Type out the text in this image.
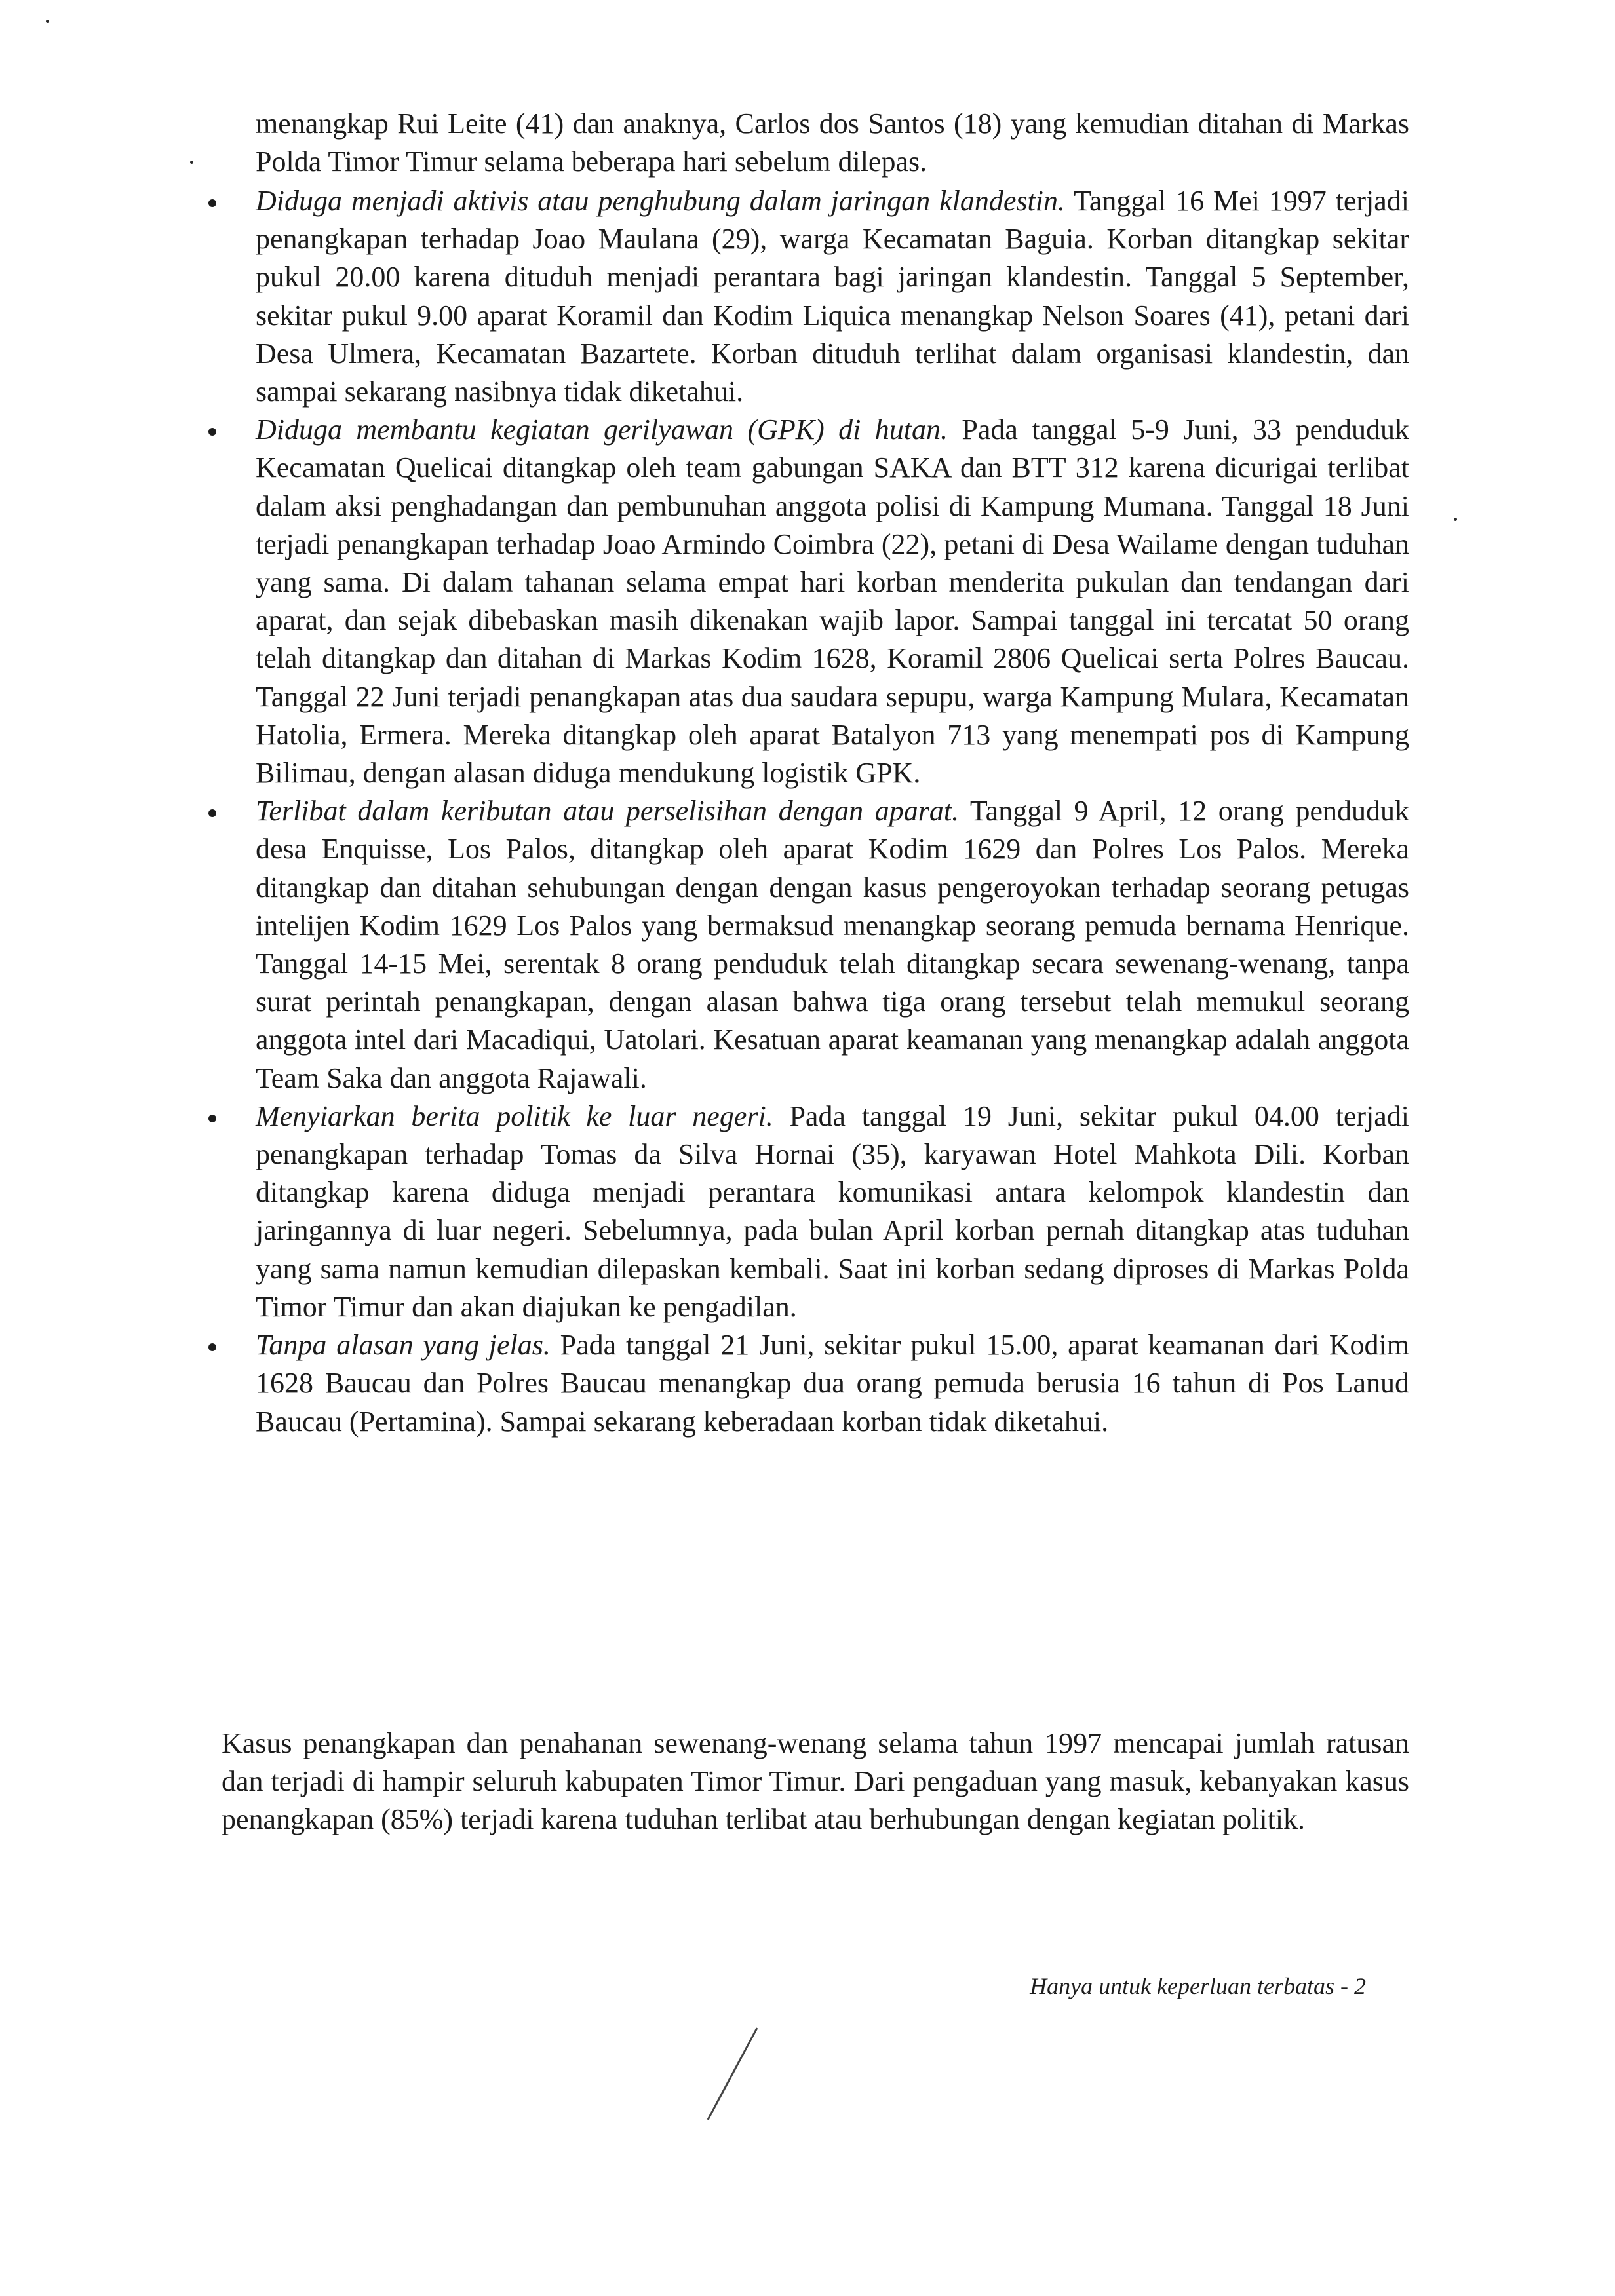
menangkap Rui Leite (41) dan anaknya, Carlos dos Santos (18) yang kemudian ditahan di Markas Polda Timor Timur selama beberapa hari sebelum dilepas.

Diduga menjadi aktivis atau penghubung dalam jaringan klandestin. Tanggal 16 Mei 1997 terjadi penangkapan terhadap Joao Maulana (29), warga Kecamatan Baguia. Korban ditangkap sekitar pukul 20.00 karena dituduh menjadi perantara bagi jaringan klandestin. Tanggal 5 September, sekitar pukul 9.00 aparat Koramil dan Kodim Liquica menangkap Nelson Soares (41), petani dari Desa Ulmera, Kecamatan Bazartete. Korban dituduh terlihat dalam organisasi klandestin, dan sampai sekarang nasibnya tidak diketahui.
Diduga membantu kegiatan gerilyawan (GPK) di hutan. Pada tanggal 5-9 Juni, 33 penduduk Kecamatan Quelicai ditangkap oleh team gabungan SAKA dan BTT 312 karena dicurigai terlibat dalam aksi penghadangan dan pembunuhan anggota polisi di Kampung Mumana. Tanggal 18 Juni terjadi penangkapan terhadap Joao Armindo Coimbra (22), petani di Desa Wailame dengan tuduhan yang sama. Di dalam tahanan selama empat hari korban menderita pukulan dan tendangan dari aparat, dan sejak dibebaskan masih dikenakan wajib lapor. Sampai tanggal ini tercatat 50 orang telah ditangkap dan ditahan di Markas Kodim 1628, Koramil 2806 Quelicai serta Polres Baucau. Tanggal 22 Juni terjadi penangkapan atas dua saudara sepupu, warga Kampung Mulara, Kecamatan Hatolia, Ermera. Mereka ditangkap oleh aparat Batalyon 713 yang menempati pos di Kampung Bilimau, dengan alasan diduga mendukung logistik GPK.
Terlibat dalam keributan atau perselisihan dengan aparat. Tanggal 9 April, 12 orang penduduk desa Enquisse, Los Palos, ditangkap oleh aparat Kodim 1629 dan Polres Los Palos. Mereka ditangkap dan ditahan sehubungan dengan dengan kasus pengeroyokan terhadap seorang petugas intelijen Kodim 1629 Los Palos yang bermaksud menangkap seorang pemuda bernama Henrique. Tanggal 14-15 Mei, serentak 8 orang penduduk telah ditangkap secara sewenang-wenang, tanpa surat perintah penangkapan, dengan alasan bahwa tiga orang tersebut telah memukul seorang anggota intel dari Macadiqui, Uatolari. Kesatuan aparat keamanan yang menangkap adalah anggota Team Saka dan anggota Rajawali.
Menyiarkan berita politik ke luar negeri. Pada tanggal 19 Juni, sekitar pukul 04.00 terjadi penangkapan terhadap Tomas da Silva Hornai (35), karyawan Hotel Mahkota Dili. Korban ditangkap karena diduga menjadi perantara komunikasi antara kelompok klandestin dan jaringannya di luar negeri. Sebelumnya, pada bulan April korban pernah ditangkap atas tuduhan yang sama namun kemudian dilepaskan kembali. Saat ini korban sedang diproses di Markas Polda Timor Timur dan akan diajukan ke pengadilan.
Tanpa alasan yang jelas. Pada tanggal 21 Juni, sekitar pukul 15.00, aparat keamanan dari Kodim 1628 Baucau dan Polres Baucau menangkap dua orang pemuda berusia 16 tahun di Pos Lanud Baucau (Pertamina). Sampai sekarang keberadaan korban tidak diketahui.

Kasus penangkapan dan penahanan sewenang-wenang selama tahun 1997 mencapai jumlah ratusan dan terjadi di hampir seluruh kabupaten Timor Timur. Dari pengaduan yang masuk, kebanyakan kasus penangkapan (85%) terjadi karena tuduhan terlibat atau berhubungan dengan kegiatan politik.

Hanya untuk keperluan terbatas - 2
